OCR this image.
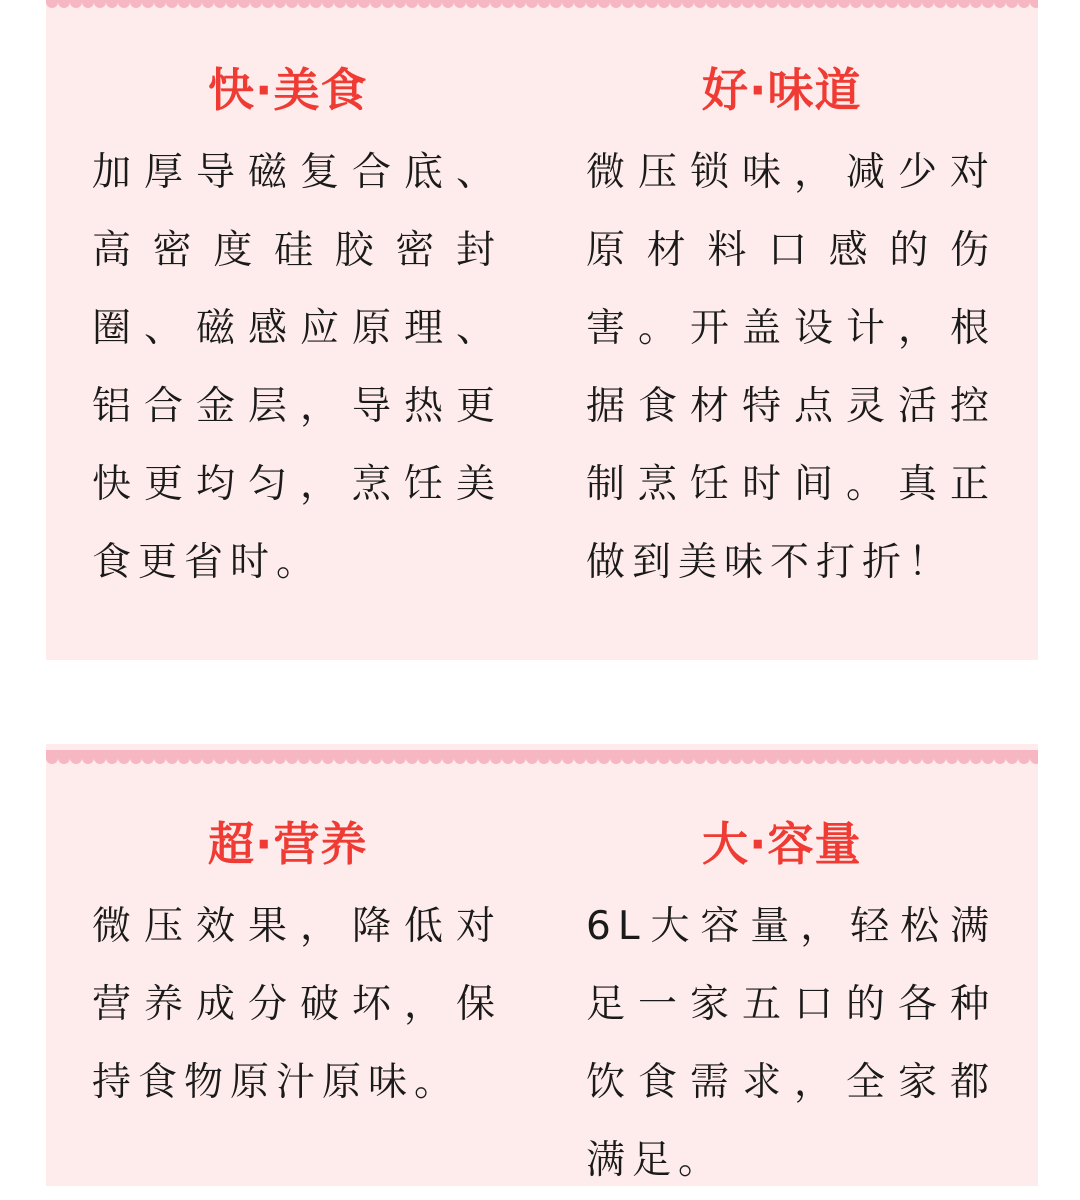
快·美食

加厚导磁复合底、高密度硅胶密封圈、磁感应原理、铝合金层，导热更快更均匀，烹饪美食更省时。

好·味道

微压锁味，减少对原材料口感的伤害。开盖设计，根据食材特点灵活控制烹饪时间。真正做到美味不打折！

超·营养

微压效果，降低对营养成分破坏，保持食物原汁原味。

大·容量

6L大容量，轻松满足一家五口的各种饮食需求，全家都满足。
